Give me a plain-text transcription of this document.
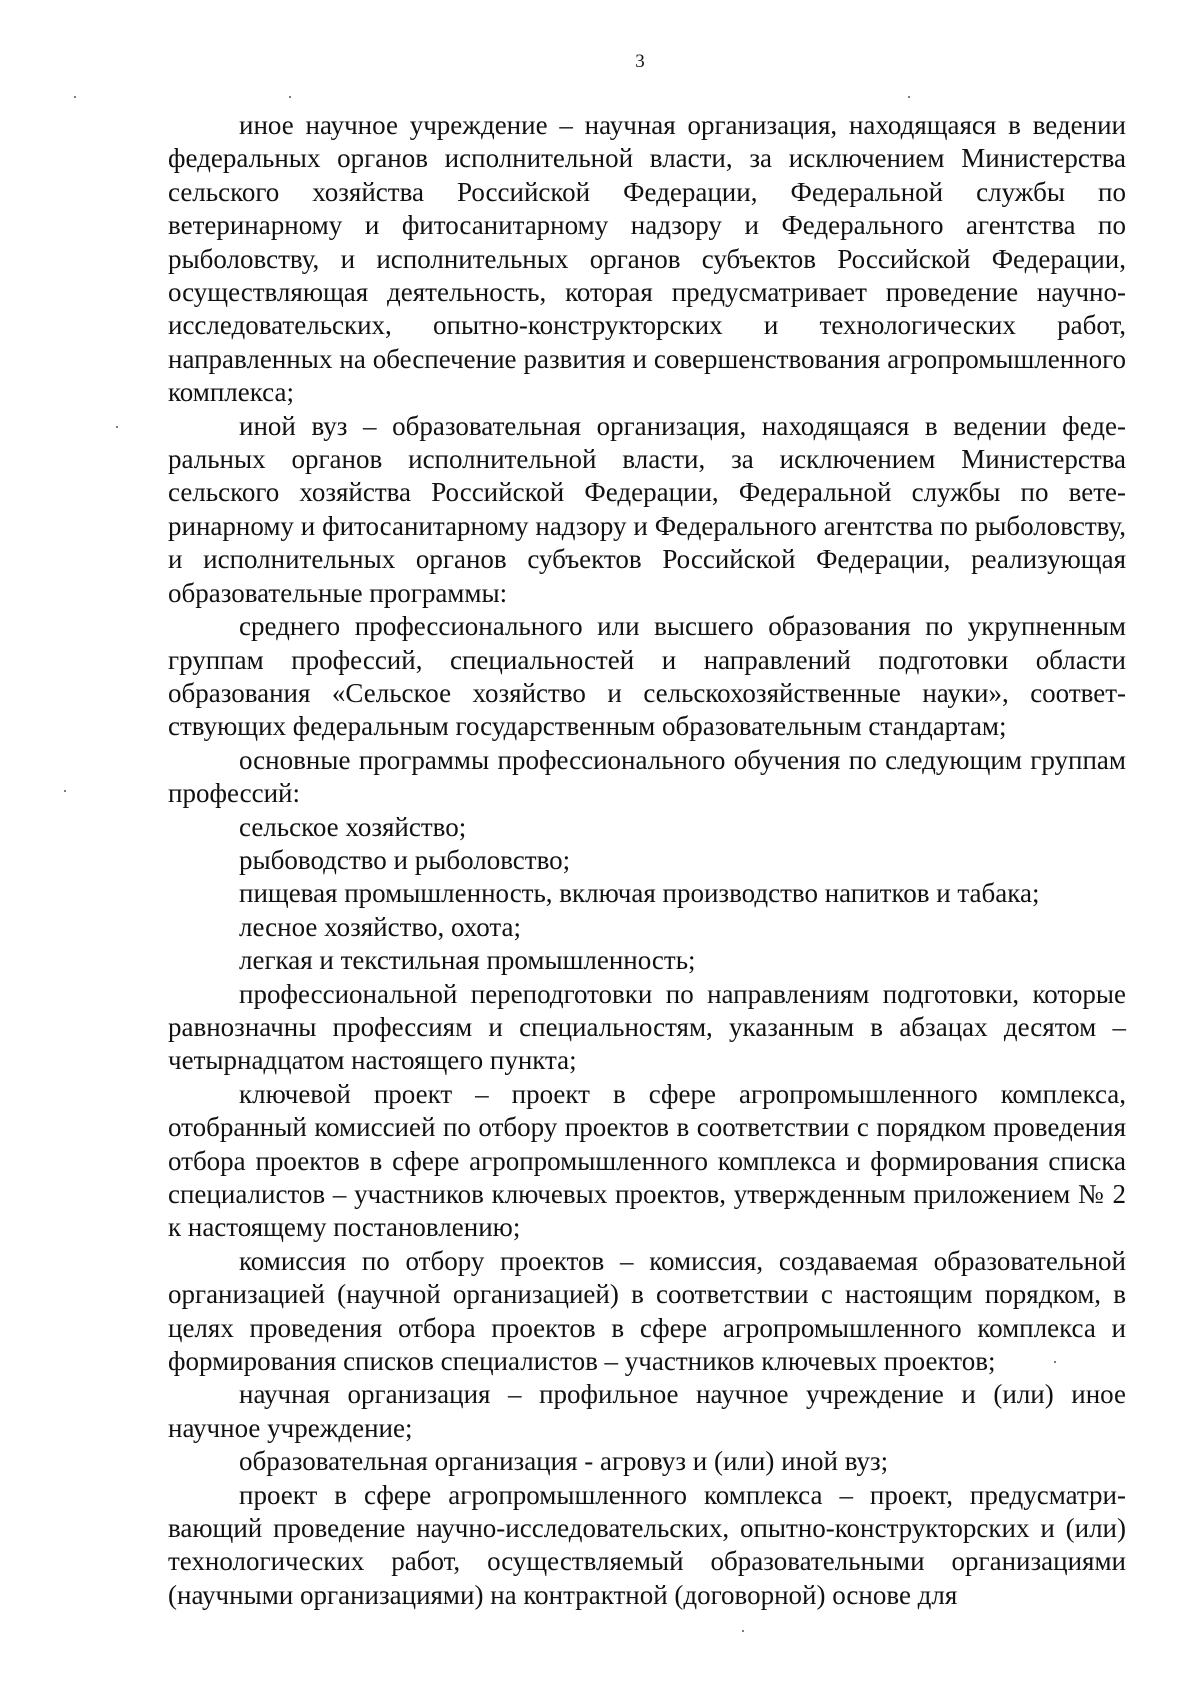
3

иное научное учреждение – научная организация, находящаяся в ведении федеральных органов исполнительной власти, за исключением Министерства сельского хозяйства Российской Федерации, Федеральной службы по ветеринарному и фитосанитарному надзору и Федерального агентства по рыболовству, и исполнительных органов субъектов Российской Федерации, осуществляющая деятельность, которая предусматривает проведение научно-исследовательских, опытно-конструкторских и технологических работ, направленных на обеспечение развития и совершенствования агропромышленного комплекса;

иной вуз – образовательная организация, находящаяся в ведении федеральных органов исполнительной власти, за исключением Министерства сельского хозяйства Российской Федерации, Федеральной службы по ветеринарному и фитосанитарному надзору и Федерального агентства по рыболовству, и исполнительных органов субъектов Российской Федерации, реализующая образовательные программы:

среднего профессионального или высшего образования по укрупненным группам профессий, специальностей и направлений подготовки области образования «Сельское хозяйство и сельскохозяйственные науки», соответствующих федеральным государственным образовательным стандартам;

основные программы профессионального обучения по следующим группам профессий:

сельское хозяйство;

рыбоводство и рыболовство;

пищевая промышленность, включая производство напитков и табака;

лесное хозяйство, охота;

легкая и текстильная промышленность;

профессиональной переподготовки по направлениям подготовки, которые равнозначны профессиям и специальностям, указанным в абзацах десятом – четырнадцатом настоящего пункта;

ключевой проект – проект в сфере агропромышленного комплекса, отобранный комиссией по отбору проектов в соответствии с порядком проведения отбора проектов в сфере агропромышленного комплекса и формирования списка специалистов – участников ключевых проектов, утвержденным приложением № 2 к настоящему постановлению;

комиссия по отбору проектов – комиссия, создаваемая образовательной организацией (научной организацией) в соответствии с настоящим порядком, в целях проведения отбора проектов в сфере агропромышленного комплекса и формирования списков специалистов – участников ключевых проектов;

научная организация – профильное научное учреждение и (или) иное научное учреждение;

образовательная организация - агровуз и (или) иной вуз;

проект в сфере агропромышленного комплекса – проект, предусматривающий проведение научно-исследовательских, опытно-конструкторских и (или) технологических работ, осуществляемый образовательными организациями (научными организациями) на контрактной (договорной) основе для
